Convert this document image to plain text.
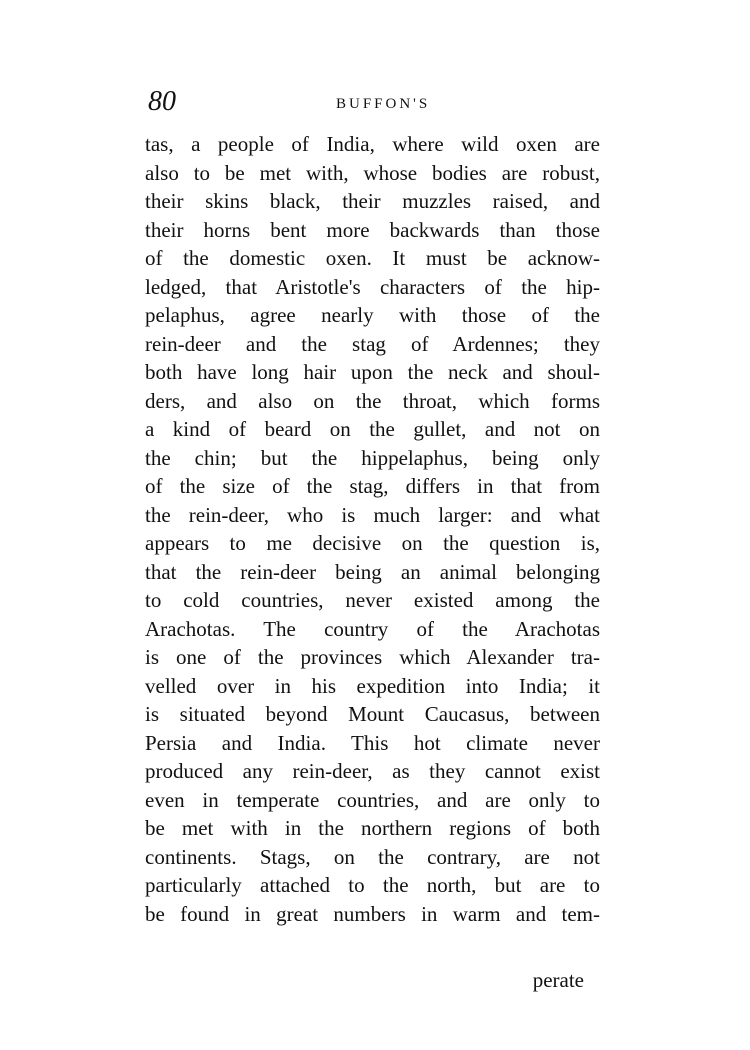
80	BUFFON'S
tas, a people of India, where wild oxen are
also to be met with, whose bodies are robust,
their skins black, their muzzles raised, and
their horns bent more backwards than those
of the domestic oxen. It must be acknow-
ledged, that Aristotle's characters of the hip-
pelaphus, agree nearly with those of the
rein-deer and the stag of Ardennes; they
both have long hair upon the neck and shoul-
ders, and also on the throat, which forms
a kind of beard on the gullet, and not on
the chin; but the hippelaphus, being only
of the size of the stag, differs in that from
the rein-deer, who is much larger: and what
appears to me decisive on the question is,
that the rein-deer being an animal belonging
to cold countries, never existed among the
Arachotas. The country of the Arachotas
is one of the provinces which Alexander tra-
velled over in his expedition into India; it
is situated beyond Mount Caucasus, between
Persia and India. This hot climate never
produced any rein-deer, as they cannot exist
even in temperate countries, and are only to
be met with in the northern regions of both
continents. Stags, on the contrary, are not
particularly attached to the north, but are to
be found in great numbers in warm and tem-
perate
